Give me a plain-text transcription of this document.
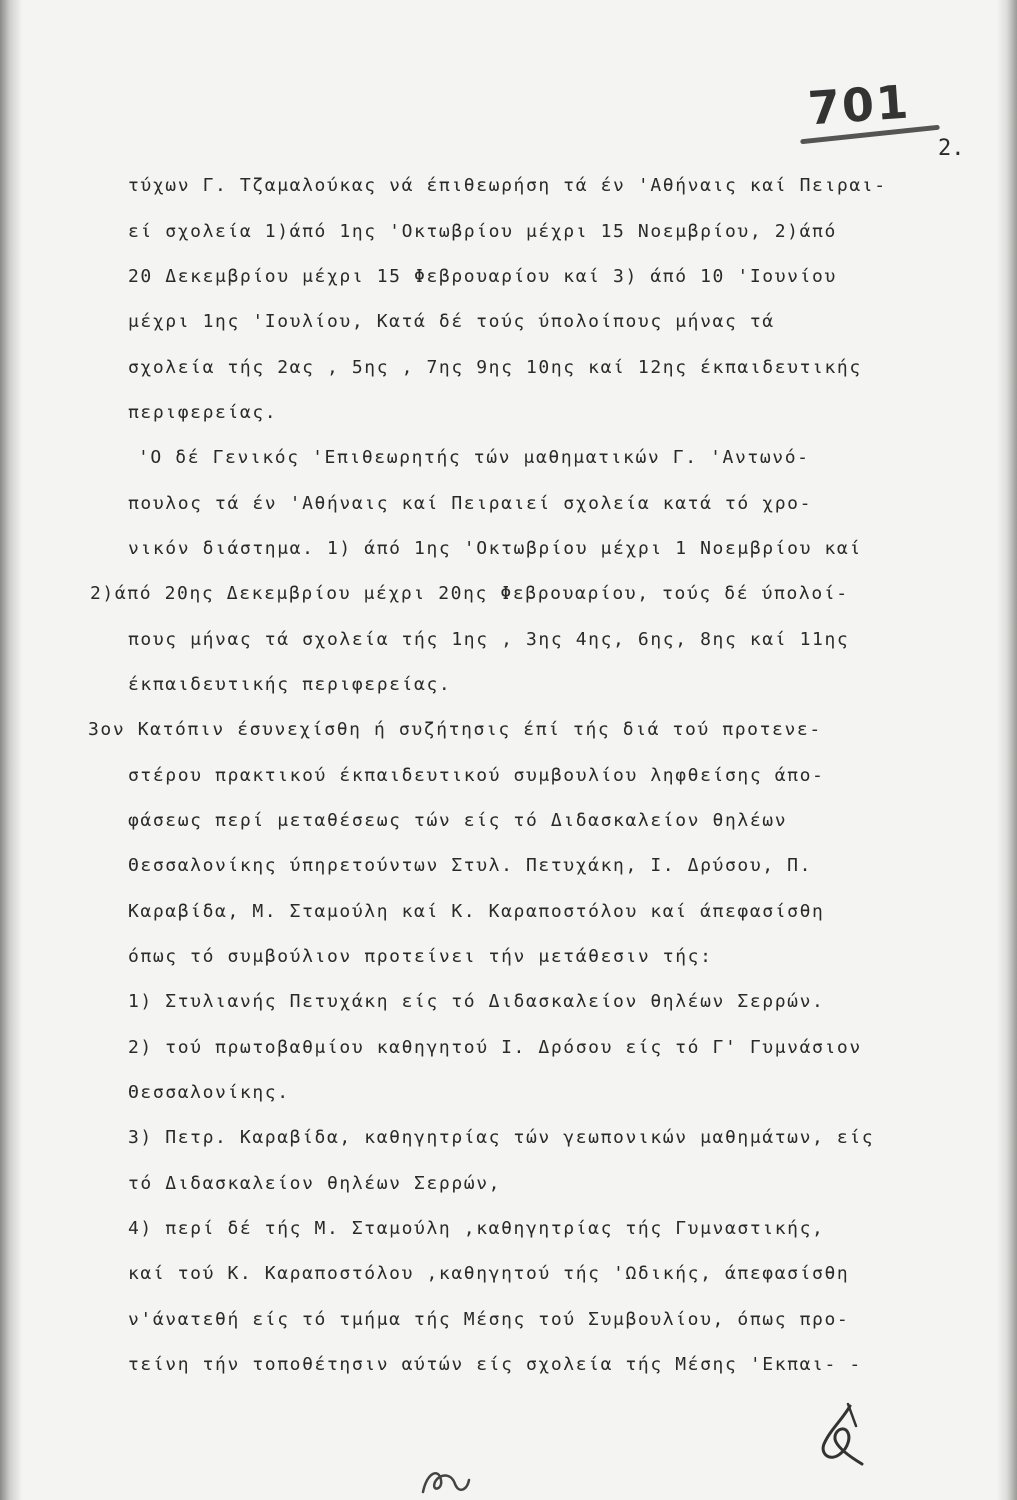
701
2.
τύχων Γ. Τζαμαλούκας νά έπιθεωρήση τά έν 'Αθήναις καί Πειραι-
εί σχολεία 1)άπό 1ης 'Οκτωβρίου μέχρι 15 Νοεμβρίου, 2)άπό
20 Δεκεμβρίου μέχρι 15 Φεβρουαρίου καί 3) άπό 10 'Ιουνίου
μέχρι 1ης 'Ιουλίου, Κατά δέ τούς ύπολοίπους μήνας τά
σχολεία τής 2ας , 5ης , 7ης 9ης 10ης καί 12ης έκπαιδευτικής
περιφερείας.
'Ο δέ Γενικός 'Επιθεωρητής τών μαθηματικών Γ. 'Αντωνό-
πουλος τά έν 'Αθήναις καί Πειραιεί σχολεία κατά τό χρο-
νικόν διάστημα. 1) άπό 1ης 'Οκτωβρίου μέχρι 1 Νοεμβρίου καί
2)άπό 20ης Δεκεμβρίου μέχρι 20ης Φεβρουαρίου, τούς δέ ύπολοί-
πους μήνας τά σχολεία τής 1ης , 3ης 4ης, 6ης, 8ης καί 11ης
έκπαιδευτικής περιφερείας.
3ον Κατόπιν έσυνεχίσθη ή συζήτησις έπί τής διά τού προτενε-
στέρου πρακτικού έκπαιδευτικού συμβουλίου ληφθείσης άπο-
φάσεως περί μεταθέσεως τών είς τό Διδασκαλείον θηλέων
Θεσσαλονίκης ύπηρετούντων Στυλ. Πετυχάκη, Ι. Δρύσου, Π.
Καραβίδα, Μ. Σταμούλη καί Κ. Καραποστόλου καί άπεφασίσθη
όπως τό συμβούλιον προτείνει τήν μετάθεσιν τής:
1) Στυλιανής Πετυχάκη είς τό Διδασκαλείον θηλέων Σερρών.
2) τού πρωτοβαθμίου καθηγητού Ι. Δρόσου είς τό Γ' Γυμνάσιον
Θεσσαλονίκης.
3) Πετρ. Καραβίδα, καθηγητρίας τών γεωπονικών μαθημάτων, είς
τό Διδασκαλείον θηλέων Σερρών,
4) περί δέ τής Μ. Σταμούλη ,καθηγητρίας τής Γυμναστικής,
καί τού Κ. Καραποστόλου ,καθηγητού τής 'Ωδικής, άπεφασίσθη
ν'άνατεθή είς τό τμήμα τής Μέσης τού Συμβουλίου, όπως προ-
τείνη τήν τοποθέτησιν αύτών είς σχολεία τής Μέσης 'Εκπαι- -
